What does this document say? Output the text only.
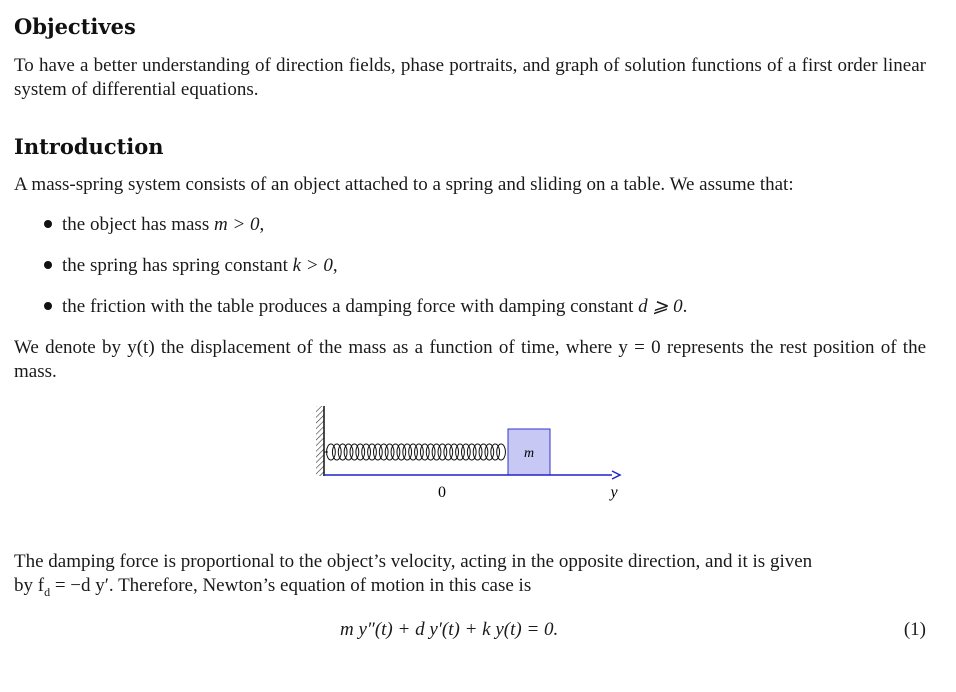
Objectives

To have a better understanding of direction fields, phase portraits, and graph of solution functions of a first order linear system of differential equations.

Introduction

A mass-spring system consists of an object attached to a spring and sliding on a table. We assume that:

the object has mass m > 0,

the spring has spring constant k > 0,

the friction with the table produces a damping force with damping constant d ⩾ 0.

We denote by y(t) the displacement of the mass as a function of time, where y = 0 represents the rest position of the mass.

m
0	y

The damping force is proportional to the object’s velocity, acting in the opposite direction, and it is given
by $f_d = -d$ y′. Therefore, Newton’s equation of motion in this case is

m y″(t) + d y′(t) + k y(t) = 0.	(1)
